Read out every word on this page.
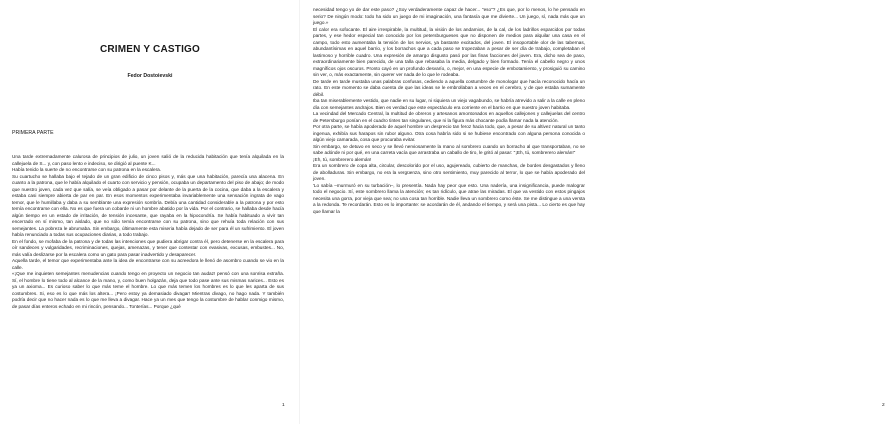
CRIMEN Y CASTIGO
Fedor Dostoievski
PRIMERA PARTE

Una tarde extremadamente calurosa de principios de julio, un joven salió de la reducida habitación que tenía alquilada en la callejuela de S... y, con paso lento e indeciso, se dirigió al puente K...
Había tenido la suerte de no encontrarse con su patrona en la escalera.
Su cuartucho se hallaba bajo el tejado de un gran edificio de cinco pisos y, más que una habitación, parecía una alacena. En cuanto a la patrona, que le había alquilado el cuarto con servicio y pensión, ocupaba un departamento del piso de abajo; de modo que nuestro joven, cada vez que salía, se veía obligado a pasar por delante de la puerta de la cocina, que daba a la escalera y estaba casi siempre abierta de par en par. En esos momentos experimentaba invariablemente una sensación ingrata de vago temor, que le humillaba y daba a su semblante una expresión sombría. Debía una cantidad considerable a la patrona y por esto temía encontrarse con ella. No es que fuera un cobarde ni un hombre abatido por la vida. Por el contrario, se hallaba desde hacía algún tiempo en un estado de irritación, de tensión incesante, que rayaba en la hipocondría. Se había habituado a vivir tan encerrado en sí mismo, tan aislado, que no sólo temía encontrarse con su patrona, sino que rehuía toda relación con sus semejantes. La pobreza le abrumaba. Sin embargo, últimamente esta miseria había dejado de ser para él un sufrimiento. El joven había renunciado a todas sus ocupaciones diarias, a todo trabajo.
En el fondo, se mofaba de la patrona y de todas las intenciones que pudiera abrigar contra él, pero detenerse en la escalera para oír sandeces y vulgaridades, recriminaciones, quejas, amenazas, y tener que contestar con evasivas, excusas, embustes... No, más valía deslizarse por la escalera como un gato para pasar inadvertido y desaparecer.
Aquella tarde, el temor que experimentaba ante la idea de encontrarse con su acreedora le llenó de asombro cuando se vio en la calle.
«¡Que me inquieten semejantes menudencias cuando tengo en proyecto un negocio tan audaz! pensó con una sonrisa extraña. Sí, el hombre lo tiene todo al alcance de la mano, y, como buen holgazán, deja que todo pase ante sus mismas narices... Esto es ya un axioma... Es curioso saber lo que más teme el hombre. Lo que más temen los hombres es lo que les aparta de sus costumbres. Si, eso es lo que más los altera... ¡Pero estoy ya demasiado divagar! Mientras divago, no hago nada. Y también podría decir que no hacer nada es lo que me lleva a divagar. Hace ya un mes que tengo la costumbre de hablar conmigo mismo, de pasar días enteros echado en mi rincón, pensando... Tonterías... Porque ¿qué

1	2

necesidad tengo yo de dar este paso? ¿Soy verdaderamente capaz de hacer... "eso"? ¿Es que, por lo menos, lo he pensado en serio? De ningún modo: todo ha sido un juego de mi imaginación, una fantasía que me divierte... Un juego, sí, nada más que un juego.»
El calor era sofocante. El aire irrespirable, la multitud, la visión de los andamios, de la cal, de los ladrillos esparcidos por todas partes, y ese hedor especial tan conocido por los petersburgueses que no disponen de medios para alquilar una casa en el campo, todo esto aumentaba la tensión de los nervios, ya bastante excitados, del joven. El insoportable olor de las tabernas, abundantísimas en aquel barrio, y los borrachos que a cada paso se tropezaban a pesar de ser día de trabajo, completaban el lastimoso y horrible cuadro. Una expresión de amargo disgusto pasó por las finas facciones del joven. Era, dicho sea de paso, extraordinariamente bien parecido, de una talla que rebasaba la media, delgado y bien formado. Tenía el cabello negro y unos magníficos ojos oscuros. Pronto cayó en un profundo desvarío, o, mejor, en una especie de embotamiento, y prosiguió su camino sin ver, o, más exactamente, sin querer ver nada de lo que le rodeaba.
De tarde en tarde mustaba unas palabras confusas, cediendo a aquella costumbre de monologar que hacía reconocido hacía un rato. En este momento se daba cuenta de que las ideas se le embrollaban a veces en el cerebro, y de que estaba sumamente débil.
Iba tan miserablemente vestido, que nadie en su lugar, ni siquiera un viejo vagabundo, se habría atrevido a salir a la calle en pleno día con semejantes andrajos. Bien es verdad que este espectáculo era corriente en el barrio en que nuestro joven habitaba.
La vecindad del Mercado Central, la multitud de obreros y artesanos amontonados en aquellos callejones y callejuelas del centro de Petersburgo ponían en el cuadro tintes tan singulares, que ni la figura más chocante podía llamar nada la atención.
Por otra parte, se había apoderado de aquel hombre un desprecio tan feroz hacia todo, que, a pesar de su altivez natural un tanto ingenua, exhibía sus harapos sin rubor alguno. Otra cosa habría sido si se hubiese encontrado con alguna persona conocida o algún viejo camarada, cosa que procuraba evitar.
Sin embargo, se detuvo en seco y se llevó nerviosamente la mano al sombrero cuando un borracho al que transportaban, no se sabe adónde ni por qué, en una carreta vacía que arrastraba un caballo de tiro, le gritó al pasar: "¡Eh, tú, sombrerero alemán!"
¡Eh, tú, sombrerero alemán!
Era un sombrero de copa alta, circular, descolorido por el uso, agujereado, cubierto de manchas, de bordes desgastados y lleno de abolladuras. Sin embargo, no era la vergüenza, sino otro sentimiento, muy parecido al terror, lo que se había apoderado del joven.
'Lo sabía –murmuró en su turbación–, lo presentía. Nada hay peor que esto. Una nadería, una insignificancia, puede malograr todo el negocio. Sí, este sombrero llama la atención; es tan ridículo, que atrae las miradas. El que va vestido con estos pingajos necesita una gorra, por vieja que sea; no una cosa tan horrible. Nadie lleva un sombrero como éste. Se me distingue a una versta a la redonda. Te recordarán. Esto es lo importante: se acordarán de él, andando el tiempo, y será una pista... Lo cierto es que hay que llamar la
